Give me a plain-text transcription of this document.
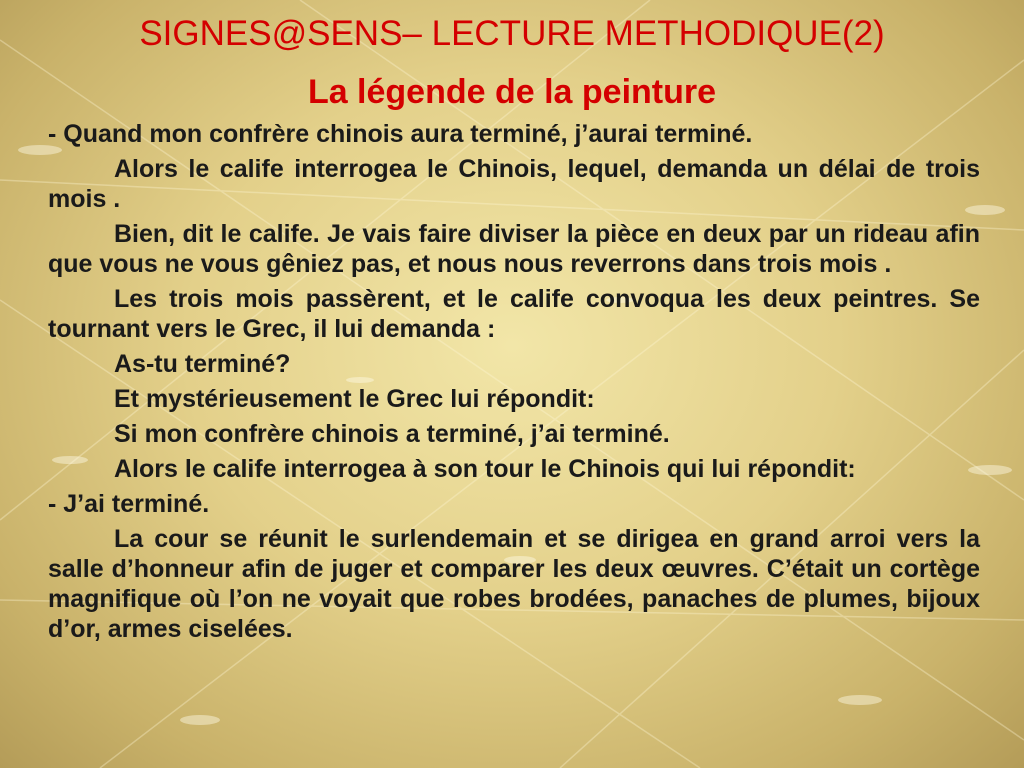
SIGNES@SENS– LECTURE METHODIQUE(2)
La légende de la peinture

- Quand mon confrère chinois aura terminé, j’aurai terminé.

Alors le calife interrogea le Chinois, lequel, demanda un délai de trois mois .

Bien, dit le calife. Je vais faire diviser la pièce en deux par un rideau afin que vous ne vous gêniez pas, et nous nous reverrons dans trois mois .

Les trois mois passèrent, et le calife convoqua les deux peintres. Se tournant vers le Grec, il lui demanda :

As-tu terminé?

Et mystérieusement le Grec lui répondit:

Si mon confrère chinois a terminé, j’ai terminé.

Alors le calife interrogea à son tour le Chinois qui lui répondit:

- J’ai terminé.

La cour se réunit le surlendemain et se dirigea en grand arroi vers la salle d’honneur afin de juger et comparer les deux œuvres. C’était un cortège magnifique où l’on ne voyait que robes brodées, panaches de plumes, bijoux d’or, armes ciselées.
